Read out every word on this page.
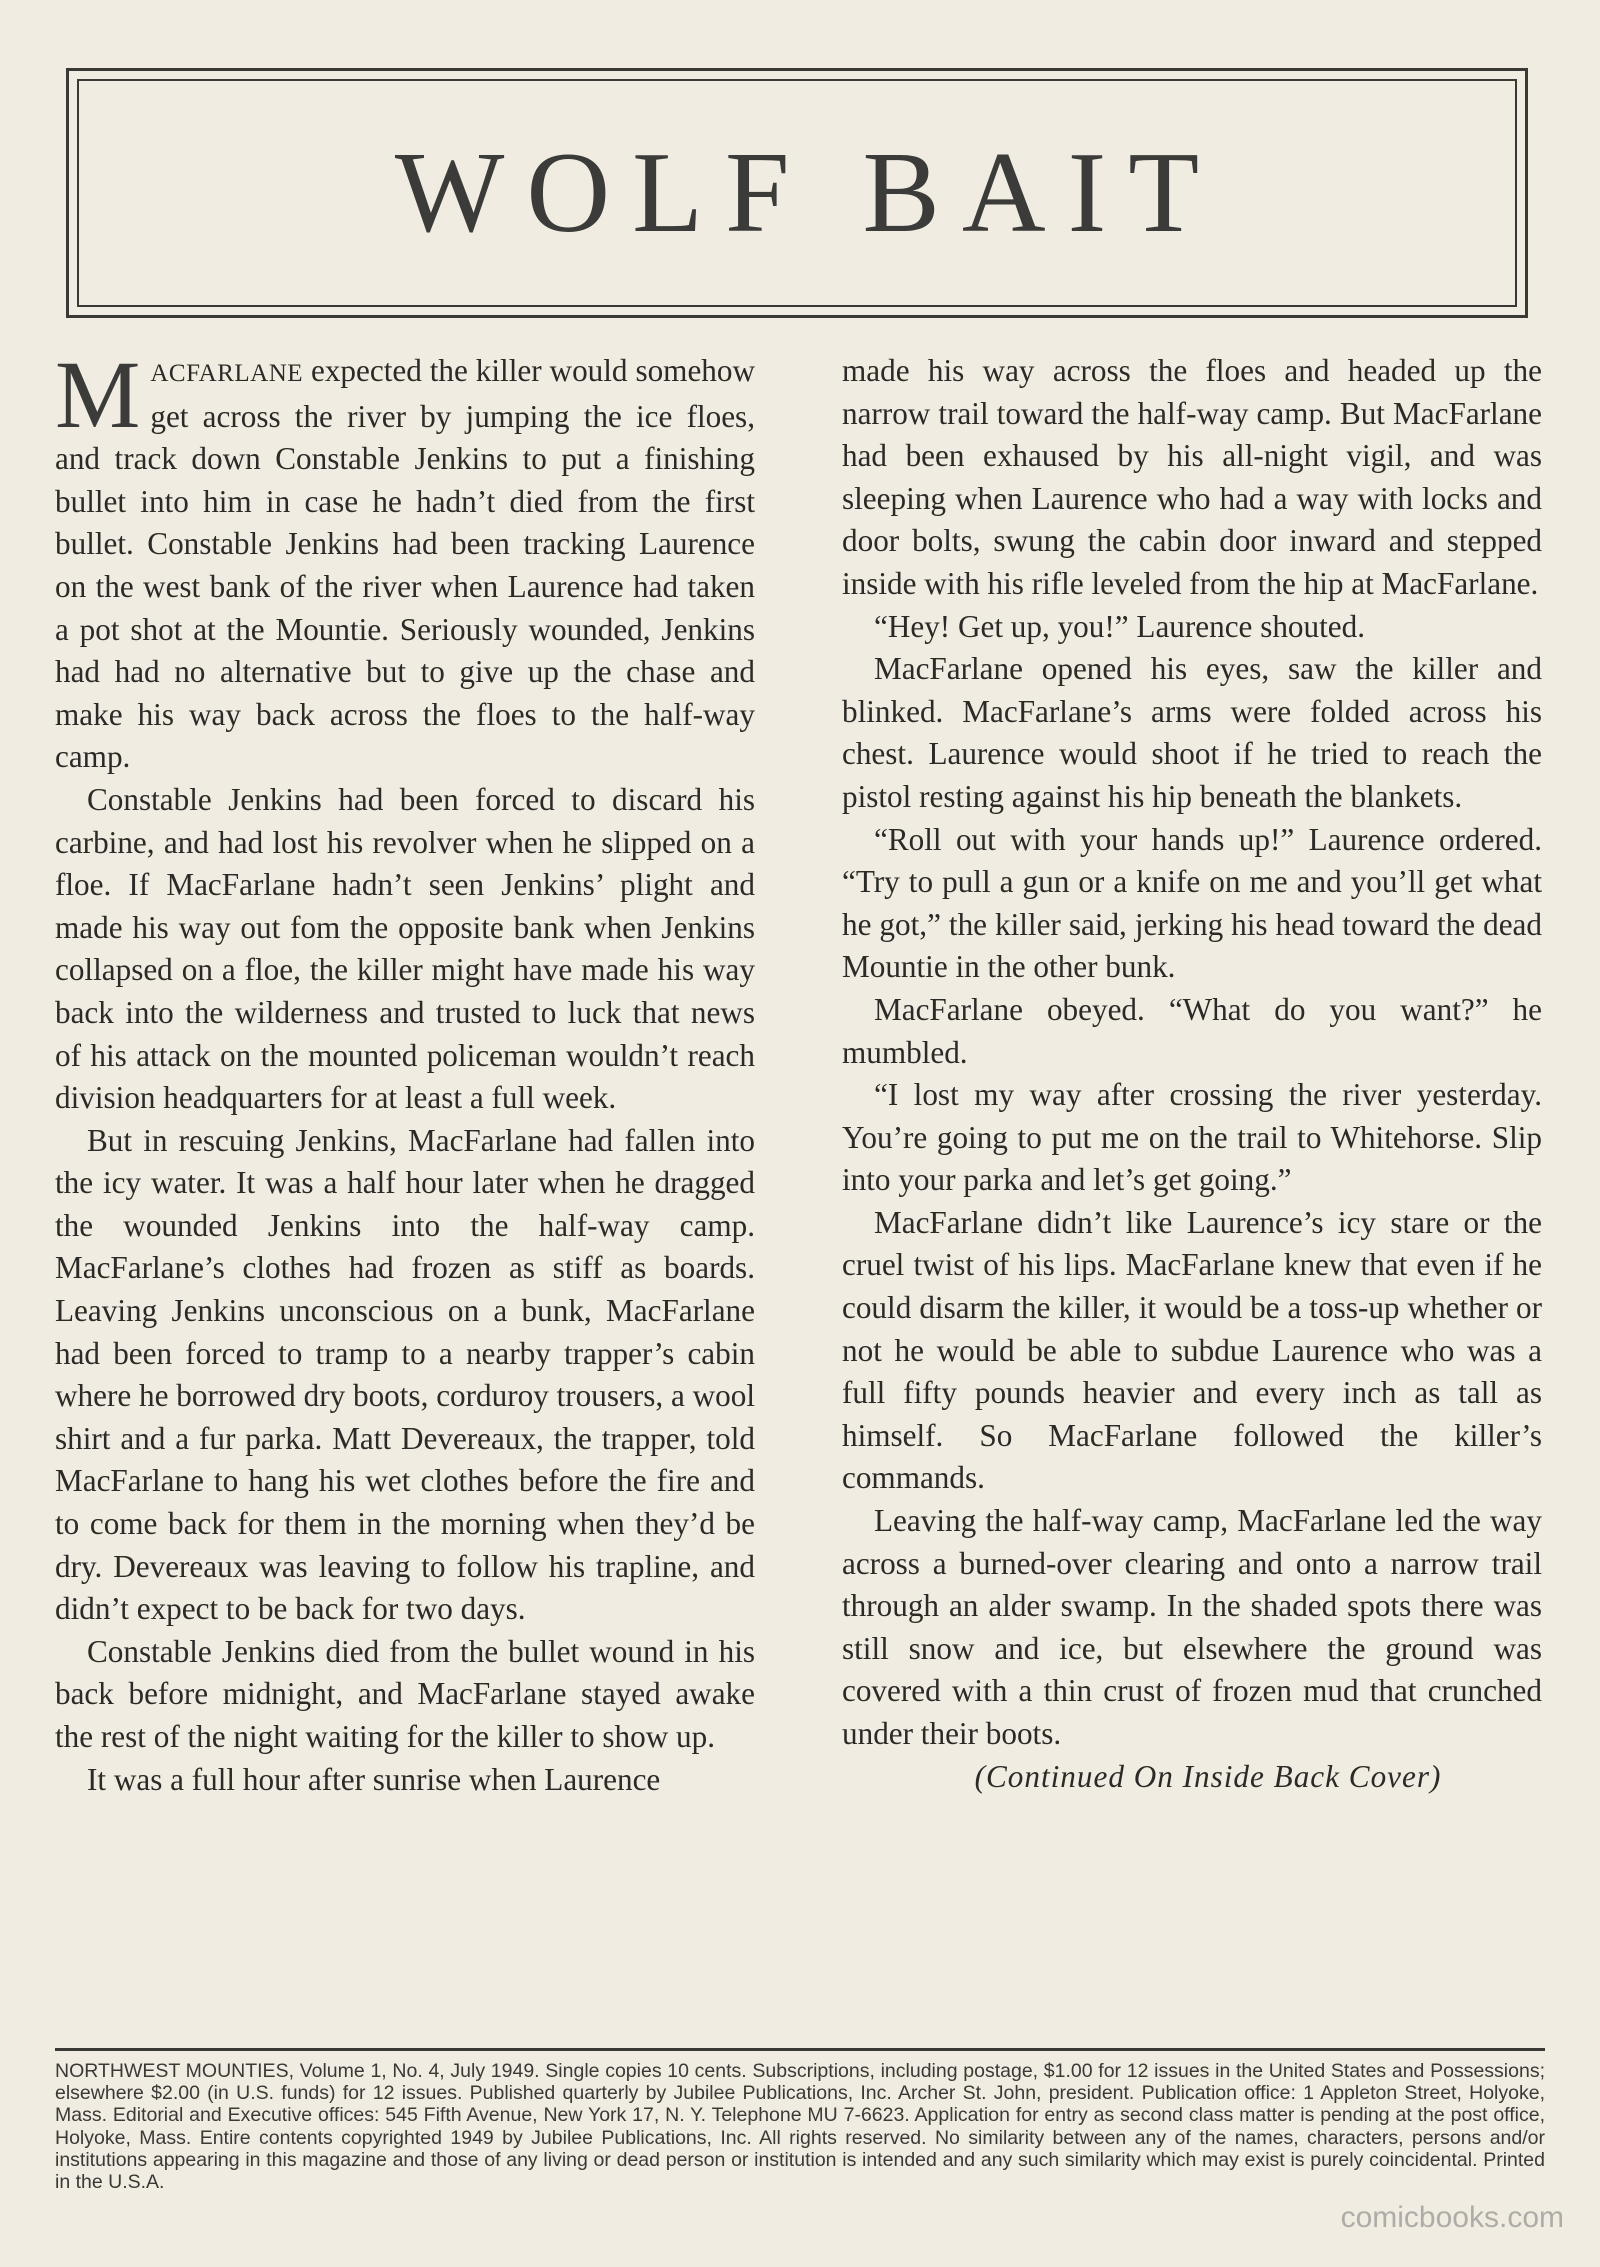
WOLF BAIT

MACFARLANE expected the killer would somehow get across the river by jumping the ice floes, and track down Constable Jenkins to put a finishing bullet into him in case he hadn’t died from the first bullet. Constable Jenkins had been tracking Laurence on the west bank of the river when Laurence had taken a pot shot at the Mountie. Seriously wounded, Jenkins had had no alternative but to give up the chase and make his way back across the floes to the half-way camp.

Constable Jenkins had been forced to discard his carbine, and had lost his revolver when he slipped on a floe. If MacFarlane hadn’t seen Jenkins’ plight and made his way out fom the opposite bank when Jenkins collapsed on a floe, the killer might have made his way back into the wilderness and trusted to luck that news of his attack on the mounted policeman wouldn’t reach division headquarters for at least a full week.

But in rescuing Jenkins, MacFarlane had fallen into the icy water. It was a half hour later when he dragged the wounded Jenkins into the half-way camp. MacFarlane’s clothes had frozen as stiff as boards. Leaving Jenkins unconscious on a bunk, MacFarlane had been forced to tramp to a nearby trapper’s cabin where he borrowed dry boots, corduroy trousers, a wool shirt and a fur parka. Matt Devereaux, the trapper, told MacFarlane to hang his wet clothes before the fire and to come back for them in the morning when they’d be dry. Devereaux was leaving to follow his trapline, and didn’t expect to be back for two days.

Constable Jenkins died from the bullet wound in his back before midnight, and MacFarlane stayed awake the rest of the night waiting for the killer to show up.

It was a full hour after sunrise when Laurence

made his way across the floes and headed up the narrow trail toward the half-way camp. But MacFarlane had been exhaused by his all-night vigil, and was sleeping when Laurence who had a way with locks and door bolts, swung the cabin door inward and stepped inside with his rifle leveled from the hip at MacFarlane.

“Hey! Get up, you!” Laurence shouted.

MacFarlane opened his eyes, saw the killer and blinked. MacFarlane’s arms were folded across his chest. Laurence would shoot if he tried to reach the pistol resting against his hip beneath the blankets.

“Roll out with your hands up!” Laurence ordered. “Try to pull a gun or a knife on me and you’ll get what he got,” the killer said, jerking his head toward the dead Mountie in the other bunk.

MacFarlane obeyed. “What do you want?” he mumbled.

“I lost my way after crossing the river yesterday. You’re going to put me on the trail to Whitehorse. Slip into your parka and let’s get going.”

MacFarlane didn’t like Laurence’s icy stare or the cruel twist of his lips. MacFarlane knew that even if he could disarm the killer, it would be a toss-up whether or not he would be able to subdue Laurence who was a full fifty pounds heavier and every inch as tall as himself. So MacFarlane followed the killer’s commands.

Leaving the half-way camp, MacFarlane led the way across a burned-over clearing and onto a narrow trail through an alder swamp. In the shaded spots there was still snow and ice, but elsewhere the ground was covered with a thin crust of frozen mud that crunched under their boots.

(Continued On Inside Back Cover)

NORTHWEST MOUNTIES, Volume 1, No. 4, July 1949. Single copies 10 cents. Subscriptions, including postage, $1.00 for 12 issues in the United States and Possessions; elsewhere $2.00 (in U.S. funds) for 12 issues. Published quarterly by Jubilee Publications, Inc. Archer St. John, president. Publication office: 1 Appleton Street, Holyoke, Mass. Editorial and Executive offices: 545 Fifth Avenue, New York 17, N. Y. Telephone MU 7-6623. Application for entry as second class matter is pending at the post office, Holyoke, Mass. Entire contents copyrighted 1949 by Jubilee Publications, Inc. All rights reserved. No similarity between any of the names, characters, persons and/or institutions appearing in this magazine and those of any living or dead person or institution is intended and any such similarity which may exist is purely coincidental. Printed in the U.S.A.
comicbooks.com
